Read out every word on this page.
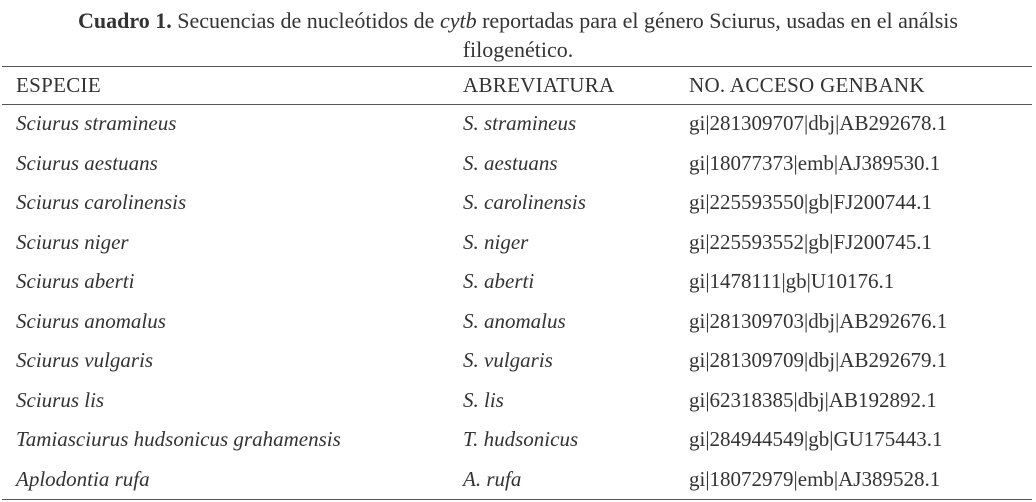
Cuadro 1. Secuencias de nucleótidos de cytb reportadas para el género Sciurus, usadas en el análsis
filogenético.
ESPECIE	ABREVIATURA	NO. ACCESO GENBANK
Sciurus stramineus	S. stramineus	gi|281309707|dbj|AB292678.1
Sciurus aestuans	S. aestuans	gi|18077373|emb|AJ389530.1
Sciurus carolinensis	S. carolinensis	gi|225593550|gb|FJ200744.1
Sciurus niger	S. niger	gi|225593552|gb|FJ200745.1
Sciurus aberti	S. aberti	gi|1478111|gb|U10176.1
Sciurus anomalus	S. anomalus	gi|281309703|dbj|AB292676.1
Sciurus vulgaris	S. vulgaris	gi|281309709|dbj|AB292679.1
Sciurus lis	S. lis	gi|62318385|dbj|AB192892.1
Tamiasciurus hudsonicus grahamensis	T. hudsonicus	gi|284944549|gb|GU175443.1
Aplodontia rufa	A. rufa	gi|18072979|emb|AJ389528.1
